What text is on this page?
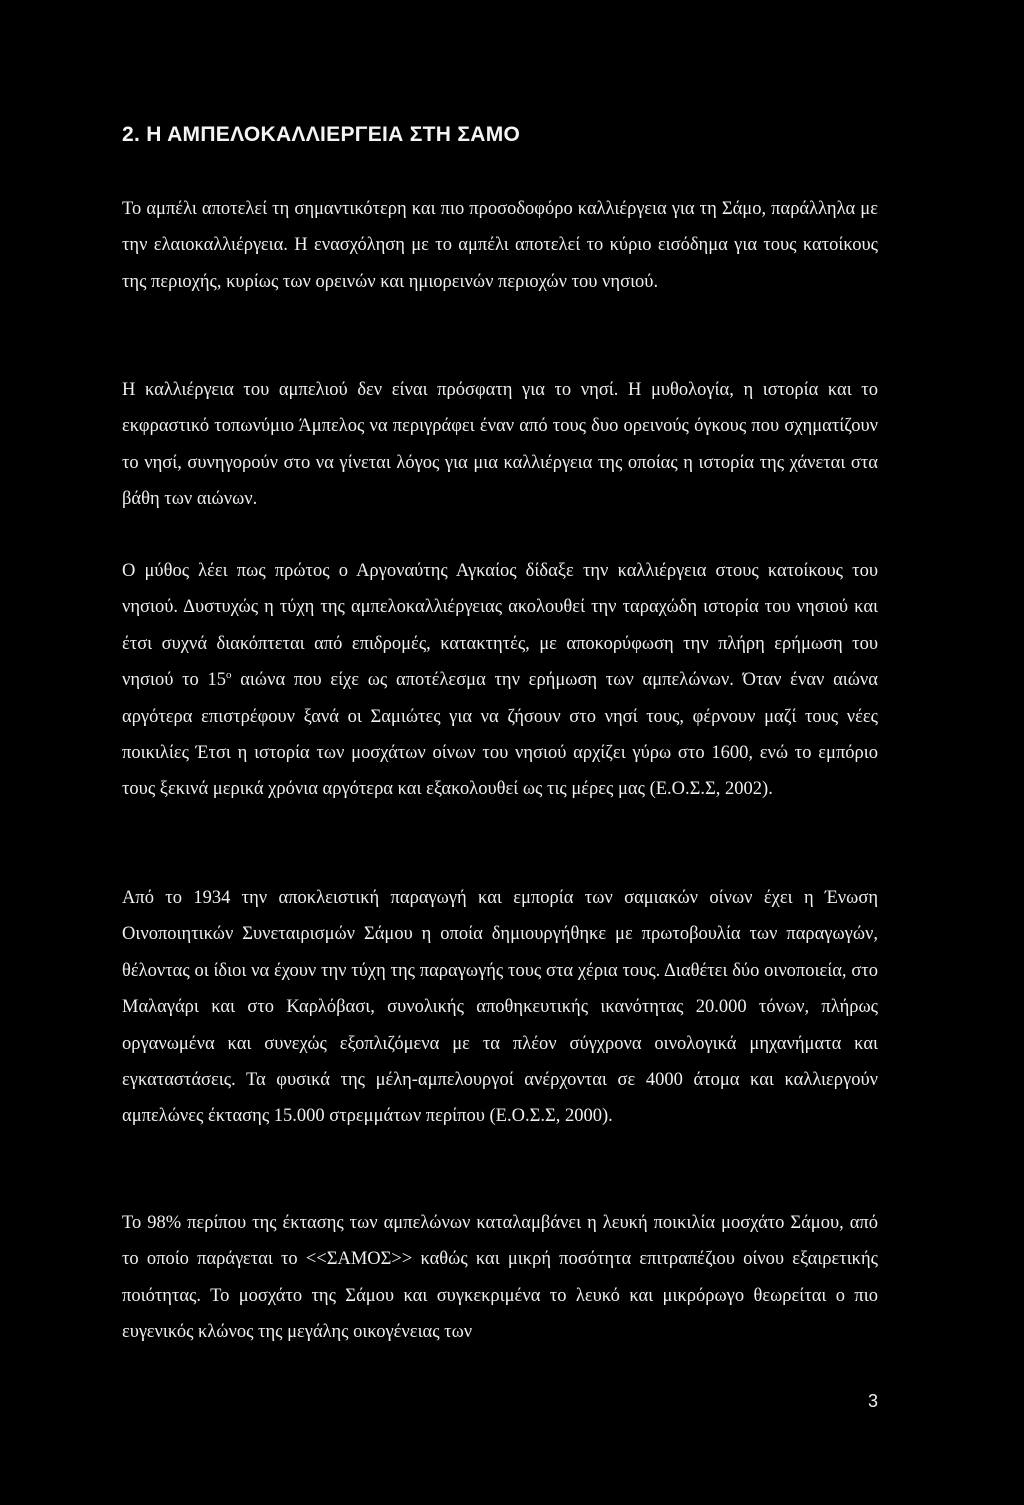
2. Η ΑΜΠΕΛΟΚΑΛΛΙΕΡΓΕΙΑ ΣΤΗ ΣΑΜΟ

Το αμπέλι αποτελεί τη σημαντικότερη και πιο προσοδοφόρο καλλιέργεια για τη Σάμο, παράλληλα με την ελαιοκαλλιέργεια. Η ενασχόληση με το αμπέλι αποτελεί το κύριο εισόδημα για τους κατοίκους της περιοχής, κυρίως των ορεινών και ημιορεινών περιοχών του νησιού.

Η καλλιέργεια του αμπελιού δεν είναι πρόσφατη για το νησί. Η μυθολογία, η ιστορία και το εκφραστικό τοπωνύμιο Άμπελος να περιγράφει έναν από τους δυο ορεινούς όγκους που σχηματίζουν το νησί, συνηγορούν στο να γίνεται λόγος για μια καλλιέργεια της οποίας η ιστορία της χάνεται στα βάθη των αιώνων.

Ο μύθος λέει πως πρώτος ο Αργοναύτης Αγκαίος δίδαξε την καλλιέργεια στους κατοίκους του νησιού. Δυστυχώς η τύχη της αμπελοκαλλιέργειας ακολουθεί την ταραχώδη ιστορία του νησιού και έτσι συχνά διακόπτεται από επιδρομές, κατακτητές, με αποκορύφωση την πλήρη ερήμωση του νησιού το $15^o$ αιώνα που είχε ως αποτέλεσμα την ερήμωση των αμπελώνων. Όταν έναν αιώνα αργότερα επιστρέφουν ξανά οι Σαμιώτες για να ζήσουν στο νησί τους, φέρνουν μαζί τους νέες ποικιλίες Έτσι η ιστορία των μοσχάτων οίνων του νησιού αρχίζει γύρω στο 1600, ενώ το εμπόριο τους ξεκινά μερικά χρόνια αργότερα και εξακολουθεί ως τις μέρες μας (Ε.Ο.Σ.Σ, 2002).

Από το 1934 την αποκλειστική παραγωγή και εμπορία των σαμιακών οίνων έχει η Ένωση Οινοποιητικών Συνεταιρισμών Σάμου η οποία δημιουργήθηκε με πρωτοβουλία των παραγωγών, θέλοντας οι ίδιοι να έχουν την τύχη της παραγωγής τους στα χέρια τους. Διαθέτει δύο οινοποιεία, στο Μαλαγάρι και στο Καρλόβασι, συνολικής αποθηκευτικής ικανότητας 20.000 τόνων, πλήρως οργανωμένα και συνεχώς εξοπλιζόμενα με τα πλέον σύγχρονα οινολογικά μηχανήματα και εγκαταστάσεις. Τα φυσικά της μέλη-αμπελουργοί ανέρχονται σε 4000 άτομα και καλλιεργούν αμπελώνες έκτασης 15.000 στρεμμάτων περίπου (Ε.Ο.Σ.Σ, 2000).

Το 98% περίπου της έκτασης των αμπελώνων καταλαμβάνει η λευκή ποικιλία μοσχάτο Σάμου, από το οποίο παράγεται το <<ΣΑΜΟΣ>> καθώς και μικρή ποσότητα επιτραπέζιου οίνου εξαιρετικής ποιότητας. Το μοσχάτο της Σάμου και συγκεκριμένα το λευκό και μικρόρωγο θεωρείται ο πιο ευγενικός κλώνος της μεγάλης οικογένειας των

3
